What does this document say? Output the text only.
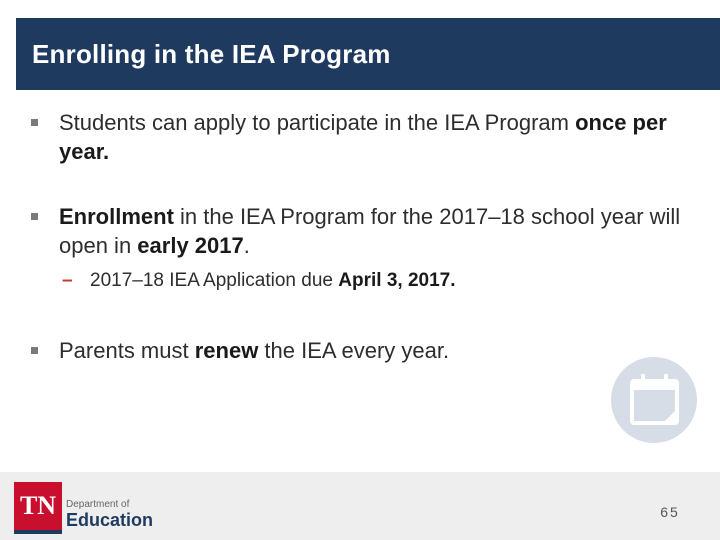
Enrolling in the IEA Program
Students can apply to participate in the IEA Program once per year.
Enrollment in the IEA Program for the 2017–18 school year will open in early 2017.
– 2017–18 IEA Application due April 3, 2017.
Parents must renew the IEA every year.
TN Department of
Education	65
